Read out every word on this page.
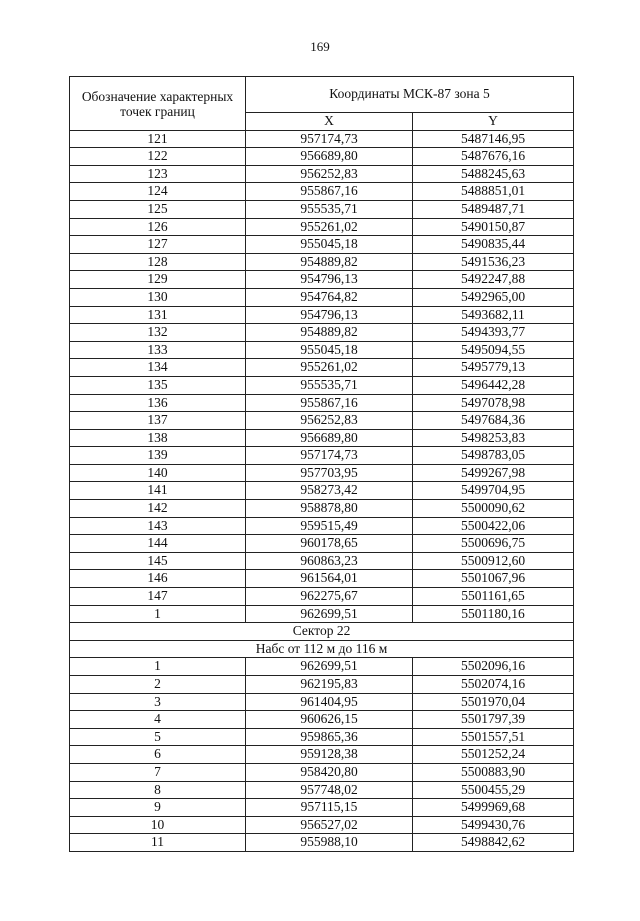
169
Обозначение характерных точек границ	Координаты МСК-87 зона 5	
	X	Y
121	957174,73	5487146,95
122	956689,80	5487676,16
123	956252,83	5488245,63
124	955867,16	5488851,01
125	955535,71	5489487,71
126	955261,02	5490150,87
127	955045,18	5490835,44
128	954889,82	5491536,23
129	954796,13	5492247,88
130	954764,82	5492965,00
131	954796,13	5493682,11
132	954889,82	5494393,77
133	955045,18	5495094,55
134	955261,02	5495779,13
135	955535,71	5496442,28
136	955867,16	5497078,98
137	956252,83	5497684,36
138	956689,80	5498253,83
139	957174,73	5498783,05
140	957703,95	5499267,98
141	958273,42	5499704,95
142	958878,80	5500090,62
143	959515,49	5500422,06
144	960178,65	5500696,75
145	960863,23	5500912,60
146	961564,01	5501067,96
147	962275,67	5501161,65
1	962699,51	5501180,16
Сектор 22		
Набс от 112 м до 116 м		
1	962699,51	5502096,16
2	962195,83	5502074,16
3	961404,95	5501970,04
4	960626,15	5501797,39
5	959865,36	5501557,51
6	959128,38	5501252,24
7	958420,80	5500883,90
8	957748,02	5500455,29
9	957115,15	5499969,68
10	956527,02	5499430,76
11	955988,10	5498842,62
